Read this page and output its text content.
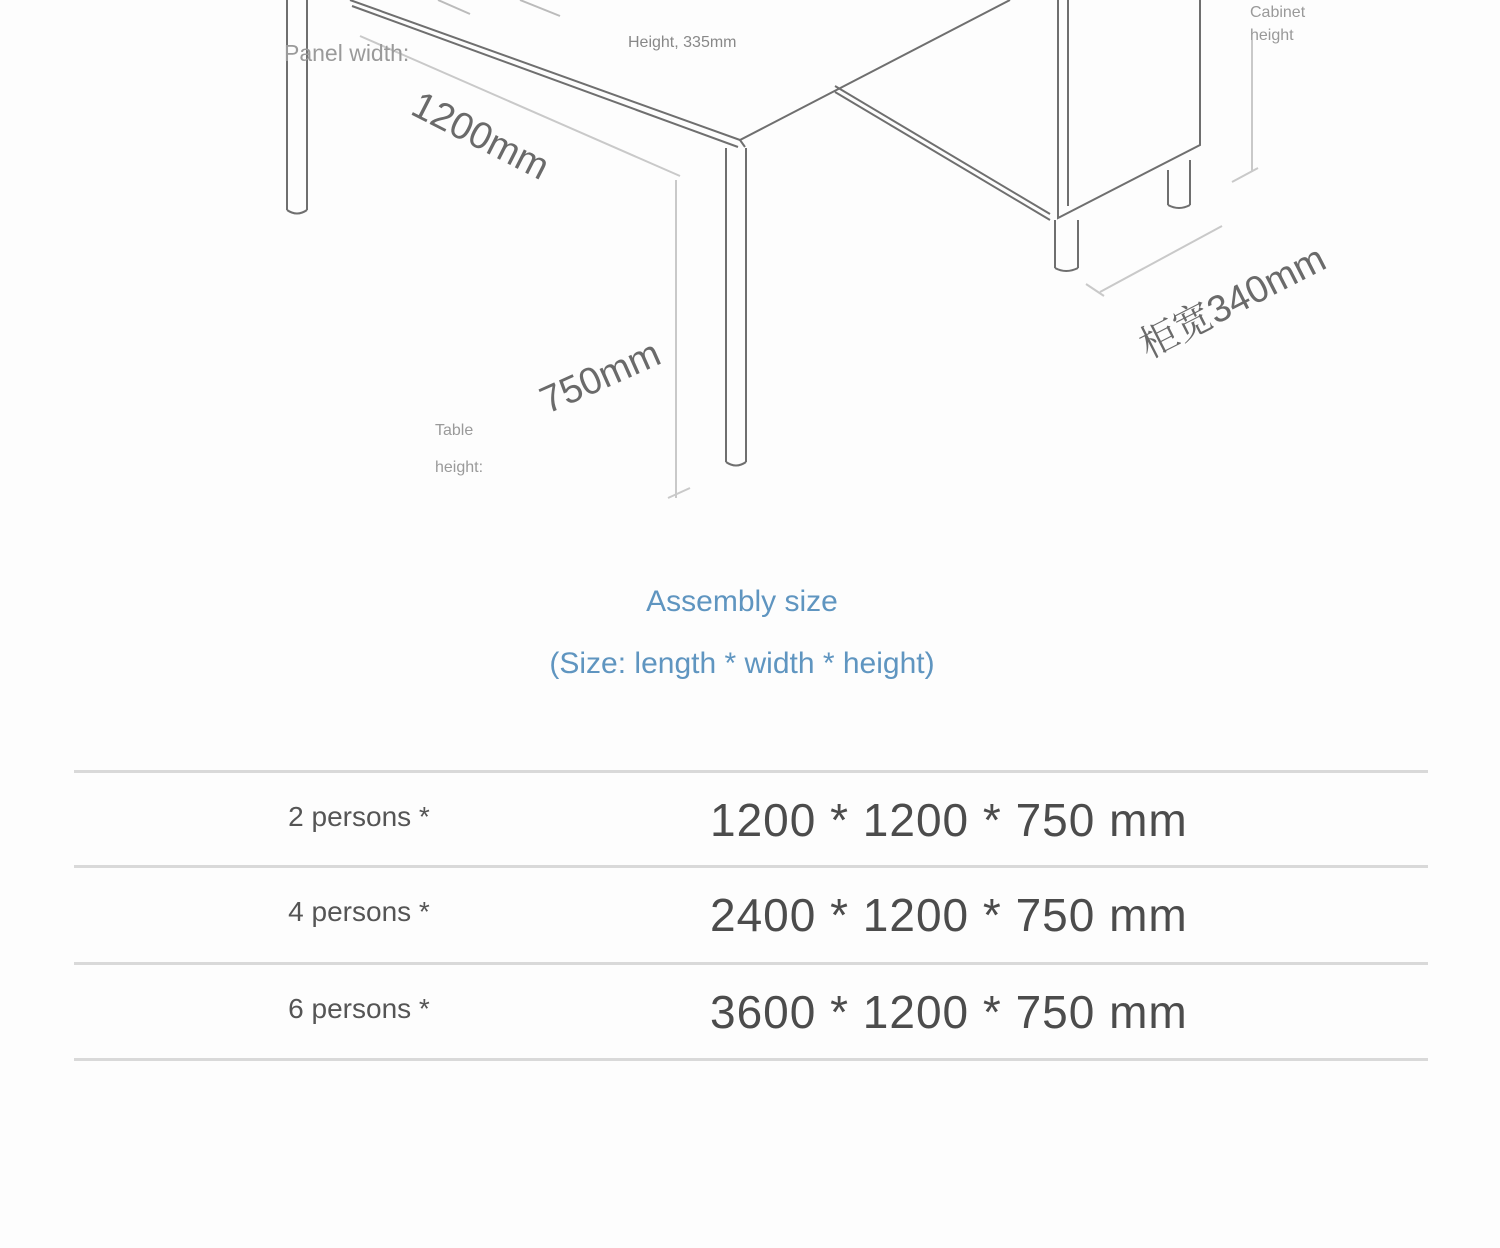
Panel width:	Height, 335mm
Cabinet
height
Table
height:
1200mm
750mm
柜宽340mm
Assembly size
(Size: length * width * height)
2 persons *	1200 * 1200 * 750 mm
4 persons *	2400 * 1200 * 750 mm
6 persons *	3600 * 1200 * 750 mm
